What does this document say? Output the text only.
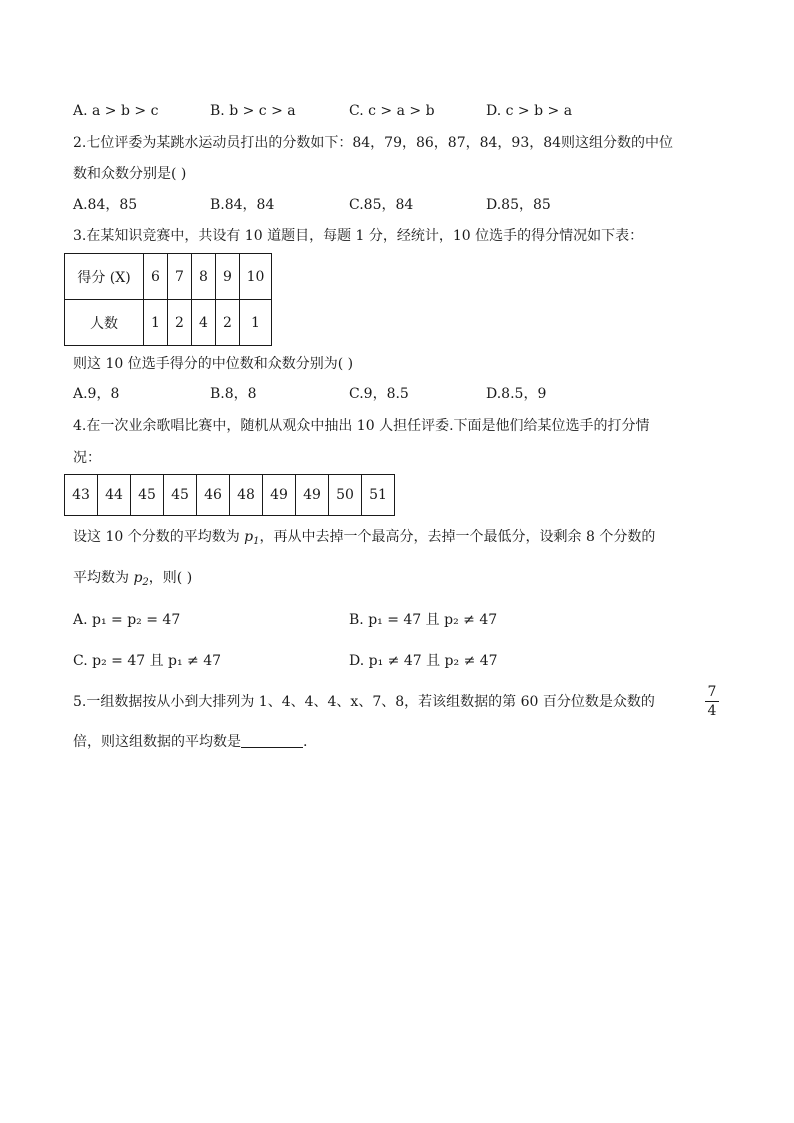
A. a > b > c	B. b > c > a	C. c > a > b	D. c > b > a
2.七位评委为某跳水运动员打出的分数如下：84，79，86，87，84，93，84则这组分数的中位
数和众数分别是( )
A.84，85	B.84，84	C.85，84	D.85，85
3.在某知识竞赛中，共设有 10 道题目，每题 1 分，经统计，10 位选手的得分情况如下表：
得分 (X)	6	7	8	9	10
人数	1	2	4	2	1
则这 10 位选手得分的中位数和众数分别为( )
A.9，8	B.8，8	C.9，8.5	D.8.5，9
4.在一次业余歌唱比赛中，随机从观众中抽出 10 人担任评委.下面是他们给某位选手的打分情
况：
43	44	45	45	46	48	49	49	50	51
设这 10 个分数的平均数为 $p_1$，再从中去掉一个最高分，去掉一个最低分，设剩余 8 个分数的
平均数为 $p_2$，则( )
A. p₁ = p₂ = 47	B. p₁ = 47 且 p₂ ≠ 47
C. p₂ = 47 且 p₁ ≠ 47	D. p₁ ≠ 47 且 p₂ ≠ 47
5.一组数据按从小到大排列为 1、4、4、4、x、7、8，若该组数据的第 60 百分位数是众数的	$\frac{7}{4}$
倍，则这组数据的平均数是	.
